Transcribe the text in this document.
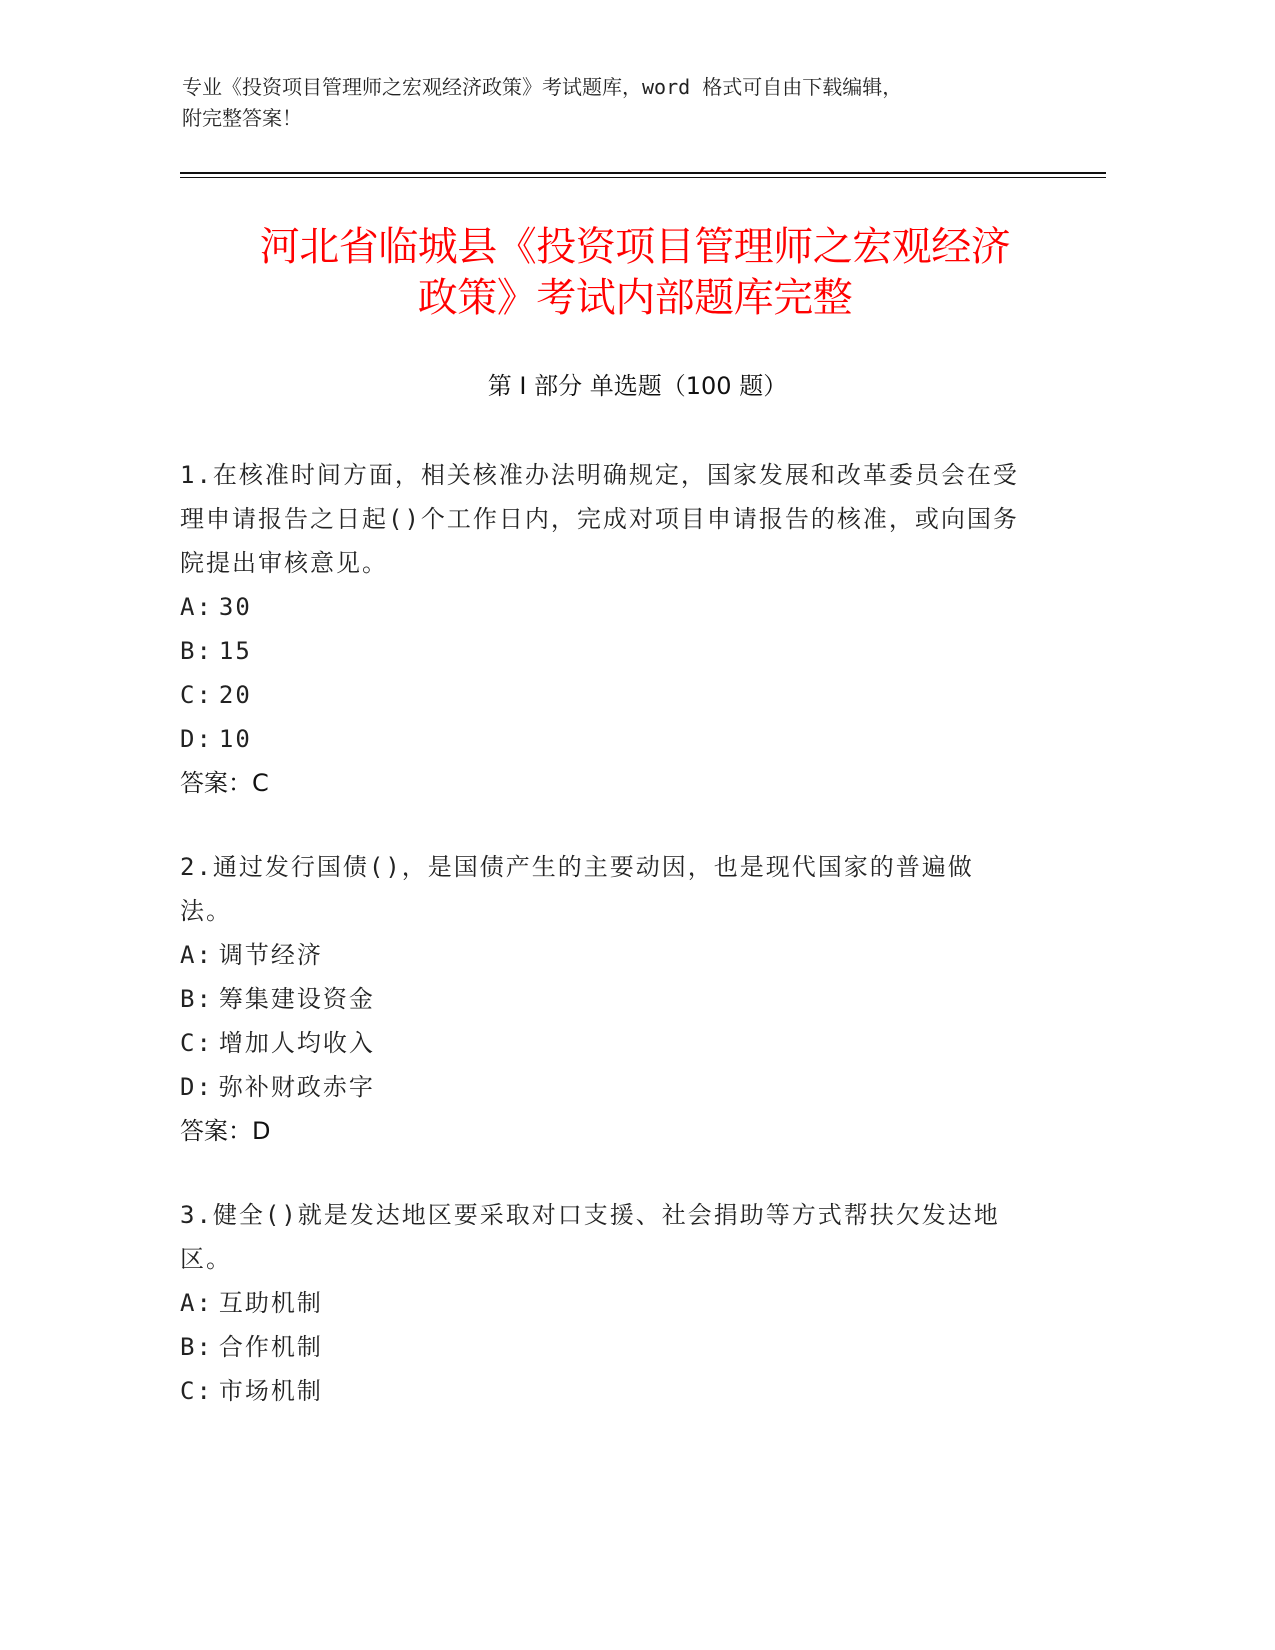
专业《投资项目管理师之宏观经济政策》考试题库，word 格式可自由下载编辑，
附完整答案！
河北省临城县《投资项目管理师之宏观经济
政策》考试内部题库完整
第 I 部分 单选题（100 题）
1.在核准时间方面，相关核准办法明确规定，国家发展和改革委员会在受理申请报告之日起()个工作日内，完成对项目申请报告的核准，或向国务院提出审核意见。
A: 30
B: 15
C: 20
D: 10
答案：C
2.通过发行国债()，是国债产生的主要动因，也是现代国家的普遍做法。
A: 调节经济
B: 筹集建设资金
C: 增加人均收入
D: 弥补财政赤字
答案：D
3.健全()就是发达地区要采取对口支援、社会捐助等方式帮扶欠发达地区。
A: 互助机制
B: 合作机制
C: 市场机制
